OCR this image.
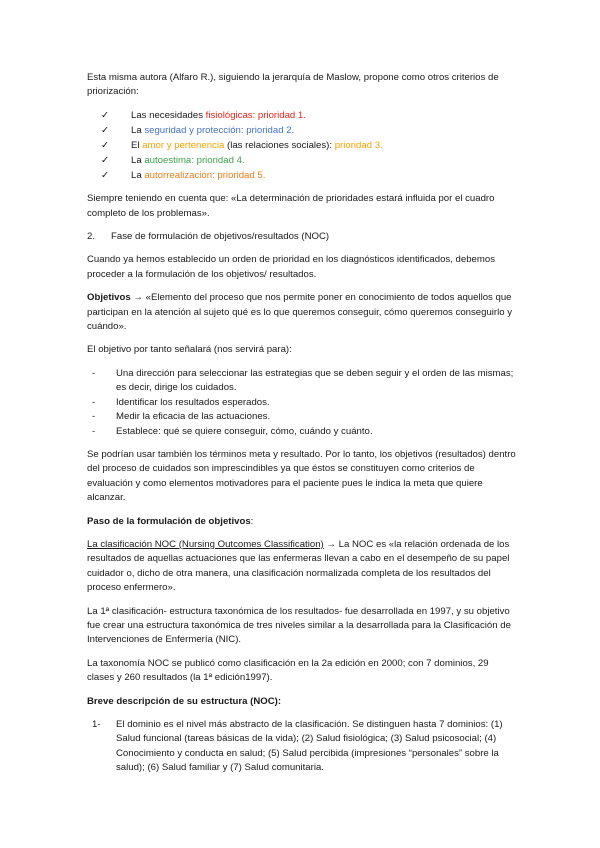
Esta misma autora (Alfaro R.), siguiendo la jerarquía de Maslow, propone como otros criterios de priorización:

✓	Las necesidades fisiológicas: prioridad 1.
✓	La seguridad y protección: prioridad 2.
✓	El amor y pertenencia (las relaciones sociales): prioridad 3.
✓	La autoestima: prioridad 4.
✓	La autorrealización: prioridad 5.

Siempre teniendo en cuenta que: «La determinación de prioridades estará influida por el cuadro completo de los problemas».

2. Fase de formulación de objetivos/resultados (NOC)

Cuando ya hemos establecido un orden de prioridad en los diagnósticos identificados, debemos proceder a la formulación de los objetivos/ resultados.

Objetivos → «Elemento del proceso que nos permite poner en conocimiento de todos aquellos que participan en la atención al sujeto qué es lo que queremos conseguir, cómo queremos conseguirlo y cuándo».

El objetivo por tanto señalará (nos servirá para):

- Una dirección para seleccionar las estrategias que se deben seguir y el orden de las mismas; es decir, dirige los cuidados.
- Identificar los resultados esperados.
- Medir la eficacia de las actuaciones.
- Establece: qué se quiere conseguir, cómo, cuándo y cuánto.

Se podrían usar también los términos meta y resultado. Por lo tanto, los objetivos (resultados) dentro del proceso de cuidados son imprescindibles ya que éstos se constituyen como criterios de evaluación y como elementos motivadores para el paciente pues le indica la meta que quiere alcanzar.

Paso de la formulación de objetivos:

La clasificación NOC (Nursing Outcomes Classification) → La NOC es «la relación ordenada de los resultados de aquellas actuaciones que las enfermeras llevan a cabo en el desempeño de su papel cuidador o, dicho de otra manera, una clasificación normalizada completa de los resultados del proceso enfermero».

La 1ª clasificación- estructura taxonómica de los resultados- fue desarrollada en 1997, y su objetivo fue crear una estructura taxonómica de tres niveles similar a la desarrollada para la Clasificación de Intervenciones de Enfermería (NIC).

La taxonomía NOC se publicó como clasificación en la 2a edición en 2000; con 7 dominios, 29 clases y 260 resultados (la 1ª edición1997).

Breve descripción de su estructura (NOC):

1- El dominio es el nivel más abstracto de la clasificación. Se distinguen hasta 7 dominios: (1) Salud funcional (tareas básicas de la vida); (2) Salud fisiológica; (3) Salud psicosocial; (4) Conocimiento y conducta en salud; (5) Salud percibida (impresiones “personales” sobre la salud); (6) Salud familiar y (7) Salud comunitaria.
